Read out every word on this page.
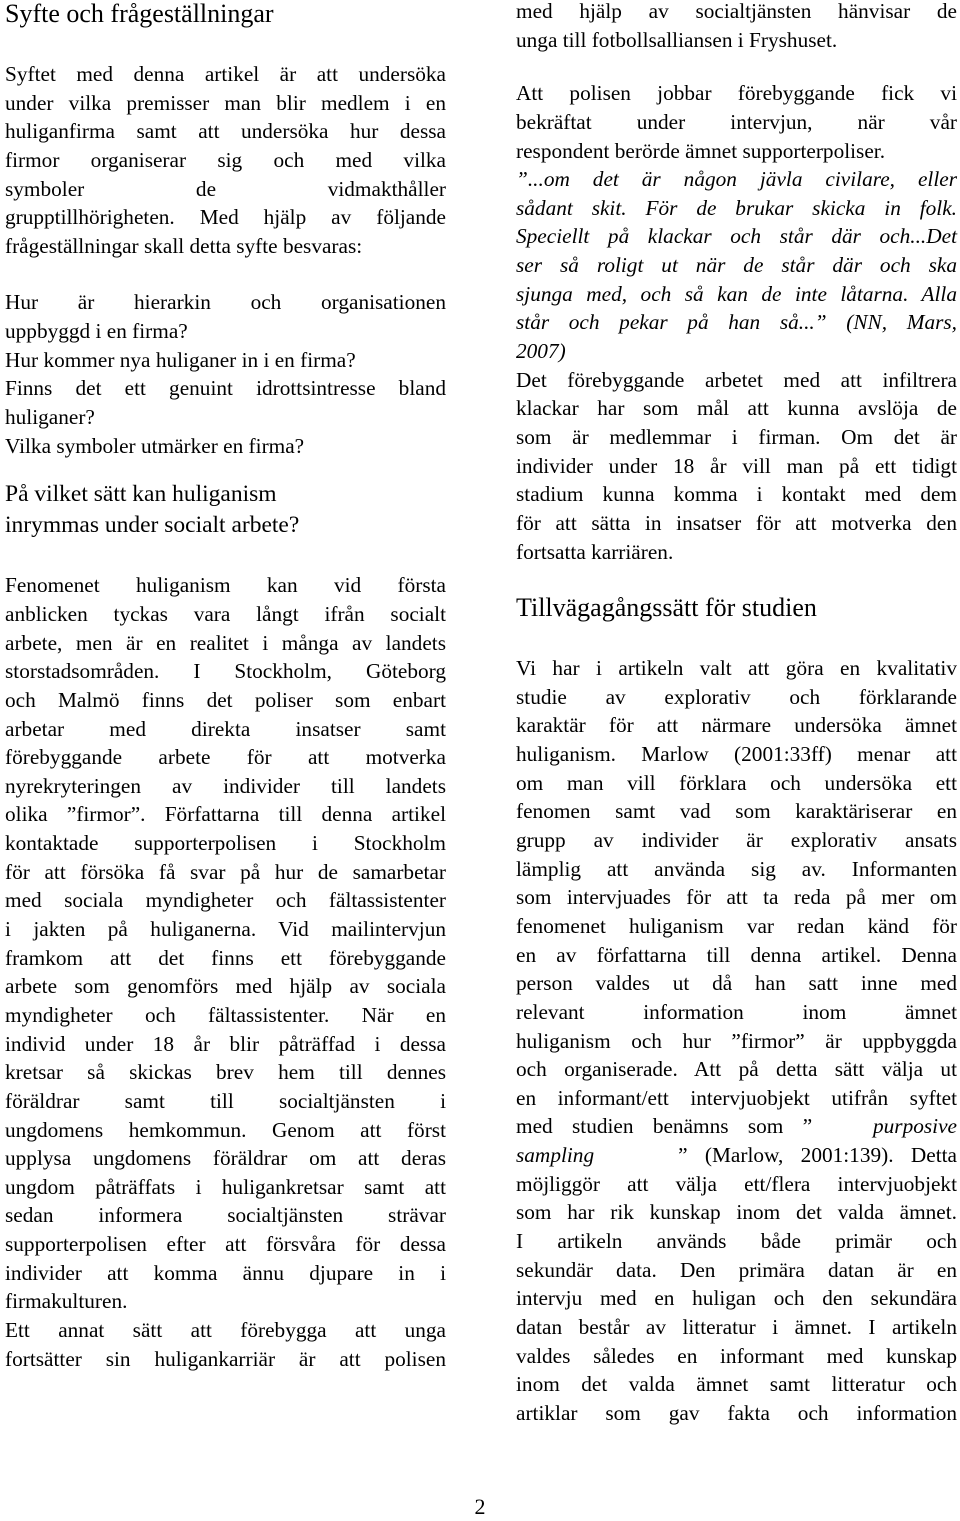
Syfte och frågeställningar
Syftet med denna artikel är att undersöka
under vilka premisser man blir medlem i en
huliganfirma samt att undersöka hur dessa
firmor organiserar sig och med vilka
symboler de vidmakthåller
grupptillhörigheten. Med hjälp av följande
frågeställningar skall detta syfte besvaras:
Hur är hierarkin och organisationen
uppbyggd i en firma?
Hur kommer nya huliganer in i en firma?
Finns det ett genuint idrottsintresse bland
huliganer?
Vilka symboler utmärker en firma?
På vilket sätt kan huliganism
inrymmas under socialt arbete?
Fenomenet huliganism kan vid första
anblicken tyckas vara långt ifrån socialt
arbete, men är en realitet i många av landets
storstadsområden. I Stockholm, Göteborg
och Malmö finns det poliser som enbart
arbetar med direkta insatser samt
förebyggande arbete för att motverka
nyrekryteringen av individer till landets
olika ”firmor”. Författarna till denna artikel
kontaktade supporterpolisen i Stockholm
för att försöka få svar på hur de samarbetar
med sociala myndigheter och fältassistenter
i jakten på huliganerna. Vid mailintervjun
framkom att det finns ett förebyggande
arbete som genomförs med hjälp av sociala
myndigheter och fältassistenter. När en
individ under 18 år blir påträffad i dessa
kretsar så skickas brev hem till dennes
föräldrar samt till socialtjänsten i
ungdomens hemkommun. Genom att först
upplysa ungdomens föräldrar om att deras
ungdom påträffats i huligankretsar samt att
sedan informera socialtjänsten strävar
supporterpolisen efter att försvåra för dessa
individer att komma ännu djupare in i
firmakulturen.
Ett annat sätt att förebygga att unga
fortsätter sin huligankarriär är att polisen
med hjälp av socialtjänsten hänvisar de
unga till fotbollsalliansen i Fryshuset.
Att polisen jobbar förebyggande fick vi
bekräftat under intervjun, när vår
respondent berörde ämnet supporterpoliser.
”...om det är någon jävla civilare, eller
sådant skit. För de brukar skicka in folk.
Speciellt på klackar och står där och...Det
ser så roligt ut när de står där och ska
sjunga med, och så kan de inte låtarna. Alla
står och pekar på han så...” (NN, Mars,
2007)
Det förebyggande arbetet med att infiltrera
klackar har som mål att kunna avslöja de
som är medlemmar i firman. Om det är
individer under 18 år vill man på ett tidigt
stadium kunna komma i kontakt med dem
för att sätta in insatser för att motverka den
fortsatta karriären.
Tillvägagångssätt för studien
Vi har i artikeln valt att göra en kvalitativ
studie av explorativ och förklarande
karaktär för att närmare undersöka ämnet
huliganism. Marlow (2001:33ff) menar att
om man vill förklara och undersöka ett
fenomen samt vad som karaktäriserar en
grupp av individer är explorativ ansats
lämplig att använda sig av. Informanten
som intervjuades för att ta reda på mer om
fenomenet huliganism var redan känd för
en av författarna till denna artikel. Denna
person valdes ut då han satt inne med
relevant information inom ämnet
huliganism och hur ”firmor” är uppbyggda
och organiserade. Att på detta sätt välja ut
en informant/ett intervjuobjekt utifrån syftet
med studien benämns som ”	purposive
sampling	” (Marlow, 2001:139). Detta
möjliggör att välja ett/flera intervjuobjekt
som har rik kunskap inom det valda ämnet.
I artikeln används både primär och
sekundär data. Den primära datan är en
intervju med en huligan och den sekundära
datan består av litteratur i ämnet. I artikeln
valdes således en informant med kunskap
inom det valda ämnet samt litteratur och
artiklar som gav fakta och information
2
